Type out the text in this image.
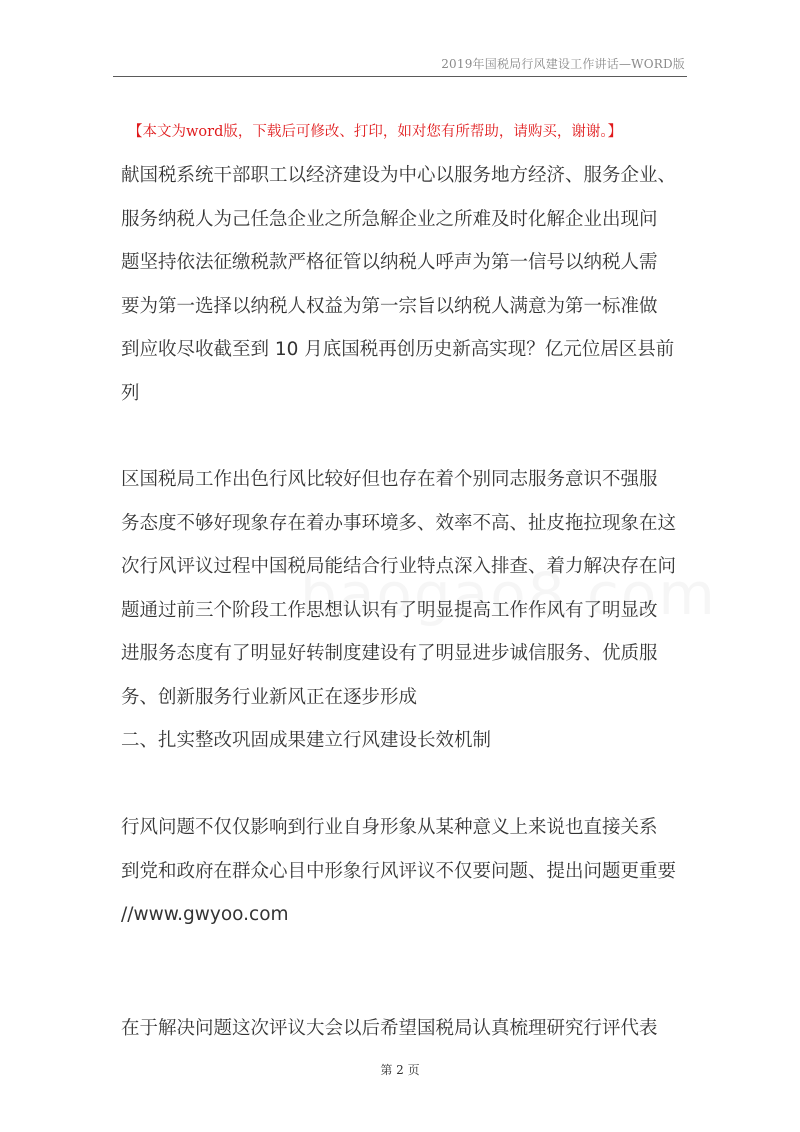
2019年国税局行风建设工作讲话—WORD版
【本文为word版，下载后可修改、打印，如对您有所帮助，请购买，谢谢。】
献国税系统干部职工以经济建设为中心以服务地方经济、服务企业、
服务纳税人为己任急企业之所急解企业之所难及时化解企业出现问
题坚持依法征缴税款严格征管以纳税人呼声为第一信号以纳税人需
要为第一选择以纳税人权益为第一宗旨以纳税人满意为第一标准做
到应收尽收截至到 10 月底国税再创历史新高实现？亿元位居区县前
列
区国税局工作出色行风比较好但也存在着个别同志服务意识不强服
务态度不够好现象存在着办事环境多、效率不高、扯皮拖拉现象在这
次行风评议过程中国税局能结合行业特点深入排查、着力解决存在问
题通过前三个阶段工作思想认识有了明显提高工作作风有了明显改
进服务态度有了明显好转制度建设有了明显进步诚信服务、优质服
务、创新服务行业新风正在逐步形成
二、扎实整改巩固成果建立行风建设长效机制
行风问题不仅仅影响到行业自身形象从某种意义上来说也直接关系
到党和政府在群众心目中形象行风评议不仅要问题、提出问题更重要
//www.gwyoo.com
在于解决问题这次评议大会以后希望国税局认真梳理研究行评代表
第 2 页
